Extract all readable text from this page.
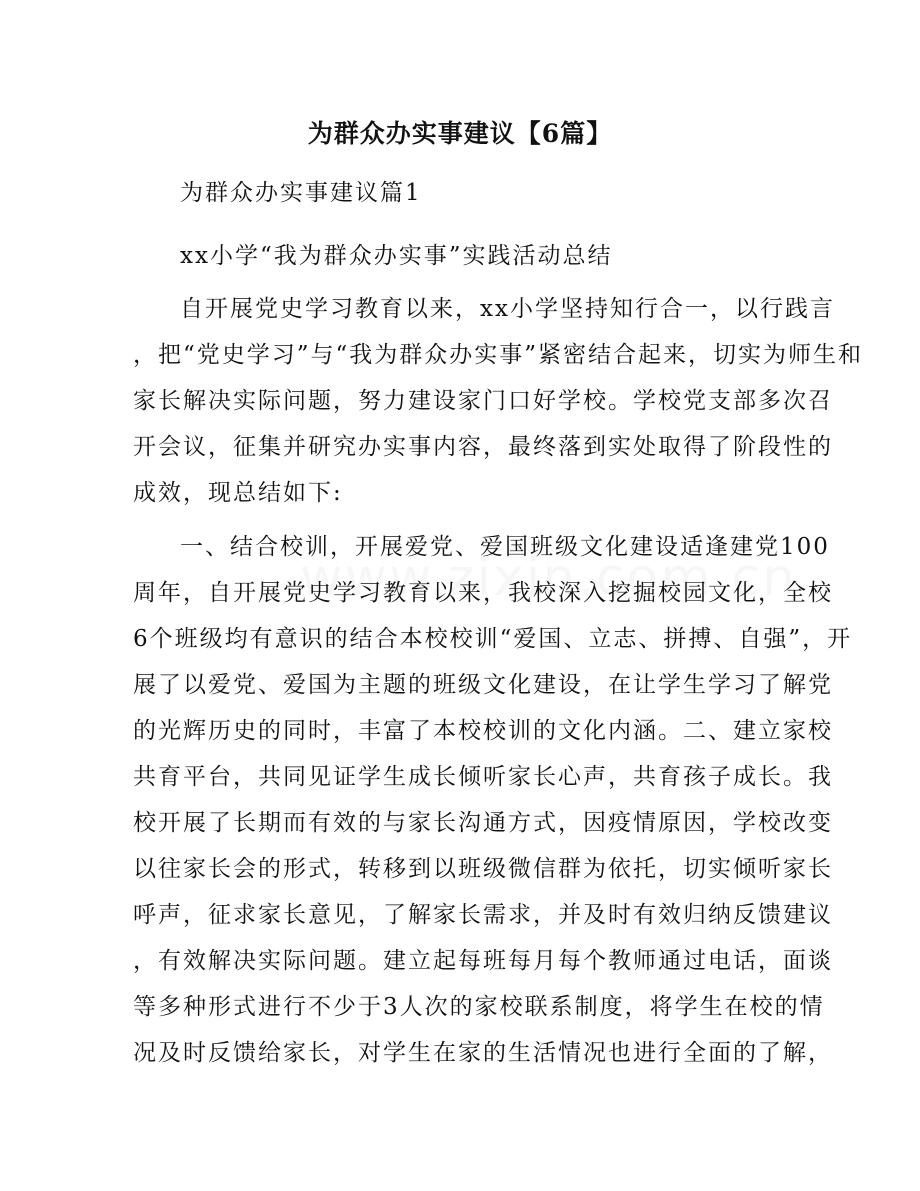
为群众办实事建议【6篇】
为群众办实事建议篇1
xx小学“我为群众办实事”实践活动总结
自开展党史学习教育以来，xx小学坚持知行合一，以行践言
，把“党史学习”与“我为群众办实事”紧密结合起来，切实为师生和
家长解决实际问题，努力建设家门口好学校。学校党支部多次召
开会议，征集并研究办实事内容，最终落到实处取得了阶段性的
成效，现总结如下:
一、结合校训，开展爱党、爱国班级文化建设适逢建党100
周年，自开展党史学习教育以来，我校深入挖掘校园文化，全校
6个班级均有意识的结合本校校训“爱国、立志、拼搏、自强”，开
展了以爱党、爱国为主题的班级文化建设，在让学生学习了解党
的光辉历史的同时，丰富了本校校训的文化内涵。二、建立家校
共育平台，共同见证学生成长倾听家长心声，共育孩子成长。我
校开展了长期而有效的与家长沟通方式，因疫情原因，学校改变
以往家长会的形式，转移到以班级微信群为依托，切实倾听家长
呼声，征求家长意见，了解家长需求，并及时有效归纳反馈建议
，有效解决实际问题。建立起每班每月每个教师通过电话，面谈
等多种形式进行不少于3人次的家校联系制度，将学生在校的情
况及时反馈给家长，对学生在家的生活情况也进行全面的了解，
